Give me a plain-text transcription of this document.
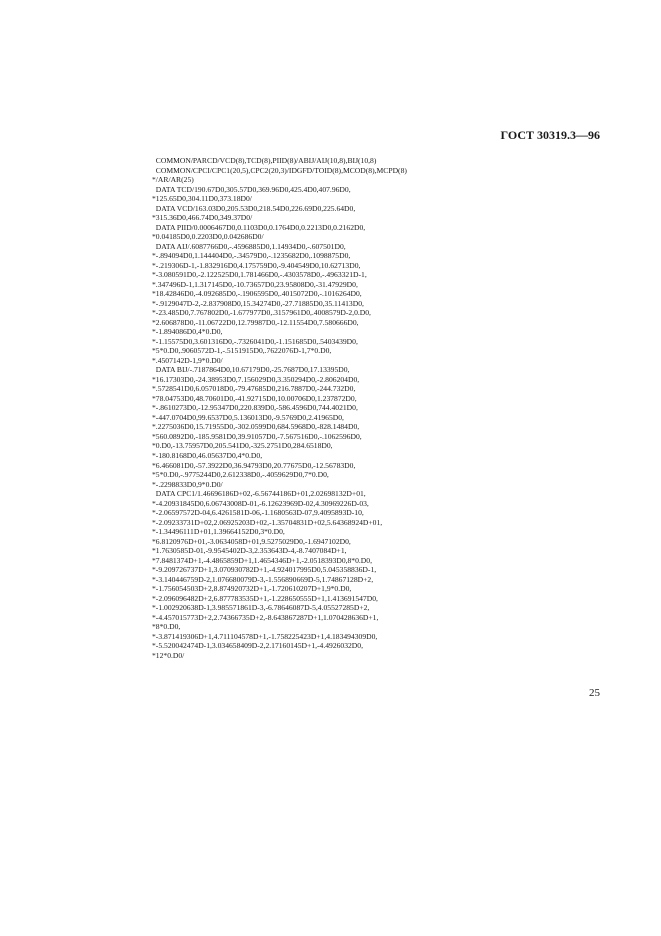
ГОСТ 30319.3—96
COMMON/PARCD/VCD(8),TCD(8),PIID(8)/ABIJ/AIJ(10,8),BIJ(10,8)
COMMON/CPCI/CPC1(20,5),CPC2(20,3)/IDGFD/TOID(8),MCOD(8),MCPD(8)
*/AR/AR(25)
DATA TCD/190.67D0,305.57D0,369.96D0,425.4D0,407.96D0,
*125.65D0,304.11D0,373.18D0/
DATA VCD/163.03D0,205.53D0,218.54D0,226.69D0,225.64D0,
*315.36D0,466.74D0,349.37D0/
DATA PIID/0.0006467D0,0.1103D0,0.1764D0,0.2213D0,0.2162D0,
*0.04185D0,0.2203D0,0.042686D0/
DATA AIJ/.6087766D0,-.4596885D0,1.14934D0,-.607501D0,
*-.894094D0,1.144404D0,-.34579D0,-.1235682D0,.1098875D0,
*-.219306D-1,-1.832916D0,4.175759D0,-9.404549D0,10.62713D0,
*-3.080591D0,-2.122525D0,1.781466D0,-.4303578D0,-.4963321D-1,
*.347496D-1,1.317145D0,-10.73657D0,23.95808D0,-31.47929D0,
*18.42846D0,-4.092685D0,-.1906595D0,.4015072D0,-.1016264D0,
*-.9129047D-2,-2.837908D0,15.34274D0,-27.71885D0,35.11413D0,
*-23.485D0,7.767802D0,-1.677977D0,.3157961D0,.4008579D-2,0.D0,
*2.606878D0,-11.06722D0,12.79987D0,-12.11554D0,7.580666D0,
*-1.894086D0,4*0.D0,
*-1.15575D0,3.601316D0,-.7326041D0,-1.151685D0,.5403439D0,
*5*0.D0,.9060572D-1,-.5151915D0,.7622076D-1,7*0.D0,
*.4507142D-1,9*0.D0/
DATA BIJ/-.7187864D0,10.67179D0,-25.7687D0,17.13395D0,
*16.17303D0,-24.38953D0,7.156029D0,3.350294D0,-2.806204D0,
*.5728541D0,6.057018D0,-79.47685D0,216.7887D0,-244.732D0,
*78.04753D0,48.70601D0,-41.92715D0,10.00706D0,1.237872D0,
*-.8610273D0,-12.95347D0,220.839D0,-586.4596D0,744.4021D0,
*-447.0704D0,99.6537D0,5.136013D0,-9.5769D0,2.41965D0,
*.2275036D0,15.71955D0,-302.0599D0,684.5968D0,-828.1484D0,
*560.0892D0,-185.9581D0,39.91057D0,-7.567516D0,-.1062596D0,
*0.D0,-13.75957D0,205.541D0,-325.2751D0,284.6518D0,
*-180.8168D0,46.05637D0,4*0.D0,
*6.466081D0,-57.3922D0,36.94793D0,20.77675D0,-12.56783D0,
*5*0.D0,-.9775244D0,2.612338D0,-.4059629D0,7*0.D0,
*-.2298833D0,9*0.D0/
DATA CPC1/1.46696186D+02,-6.56744186D+01,2.02698132D+01,
*-4.20931845D0,6.06743008D-01,-6.12623969D-02,4.30969226D-03,
*-2.06597572D-04,6.4261581D-06,-1.1680563D-07,9.4095893D-10,
*-2.09233731D+02,2.06925203D+02,-1.35704831D+02,5.64368924D+01,
*-1.34496111D+01,1.39664152D0,3*0.D0,
*6.8120976D+01,-3.0634058D+01,9.5275029D0,-1.6947102D0,
*1.7630585D-01,-9.9545402D-3,2.353643D-4,-8.7407084D+1,
*7.8481374D+1,-4.4865859D+1,1.4654346D+1,-2.0518393D0,8*0.D0,
*-9.209726737D+1,3.070930782D+1,-4.924017995D0,5.045358836D-1,
*-3.140446759D-2,1.076680079D-3,-1.556890669D-5,1.74867128D+2,
*-1.756054503D+2,8.874920732D+1,-1.720610207D+1,9*0.D0,
*-2.096096482D+2,6.877783535D+1,-1.228650555D+1,1.413691547D0,
*-1.002920638D-1,3.985571861D-3,-6.78646087D-5,4.05527285D+2,
*-4.457015773D+2,2.74366735D+2,-8.643867287D+1,1.070428636D+1,
*8*0.D0,
*-3.871419306D+1,4.711104578D+1,-1.758225423D+1,4.183494309D0,
*-5.520042474D-1,3.034658409D-2,2.17160145D+1,-4.4926032D0,
*12*0.D0/
25
